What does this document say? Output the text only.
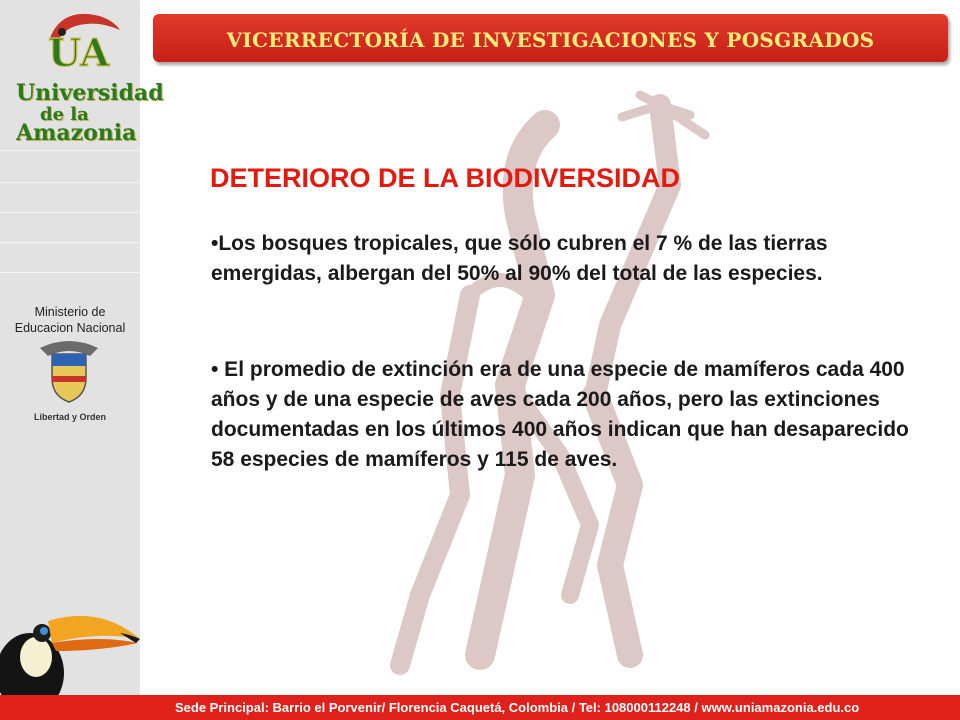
UA
Universidad
de la
Amazonia
Ministerio de
Educacion Nacional
Libertad y Orden
VICERRECTORÍA DE INVESTIGACIONES Y POSGRADOS
DETERIORO DE LA BIODIVERSIDAD
•Los bosques tropicales, que sólo cubren el 7 % de las tierras emergidas, albergan del 50% al 90% del total de las especies.
• El promedio de extinción era de una especie de mamíferos cada 400 años y de una especie de aves cada 200 años, pero las extinciones documentadas en los últimos 400 años indican que han desaparecido 58 especies de mamíferos y 115 de aves.
Sede Principal: Barrio el Porvenir/ Florencia Caquetá, Colombia / Tel: 108000112248 / www.uniamazonia.edu.co
